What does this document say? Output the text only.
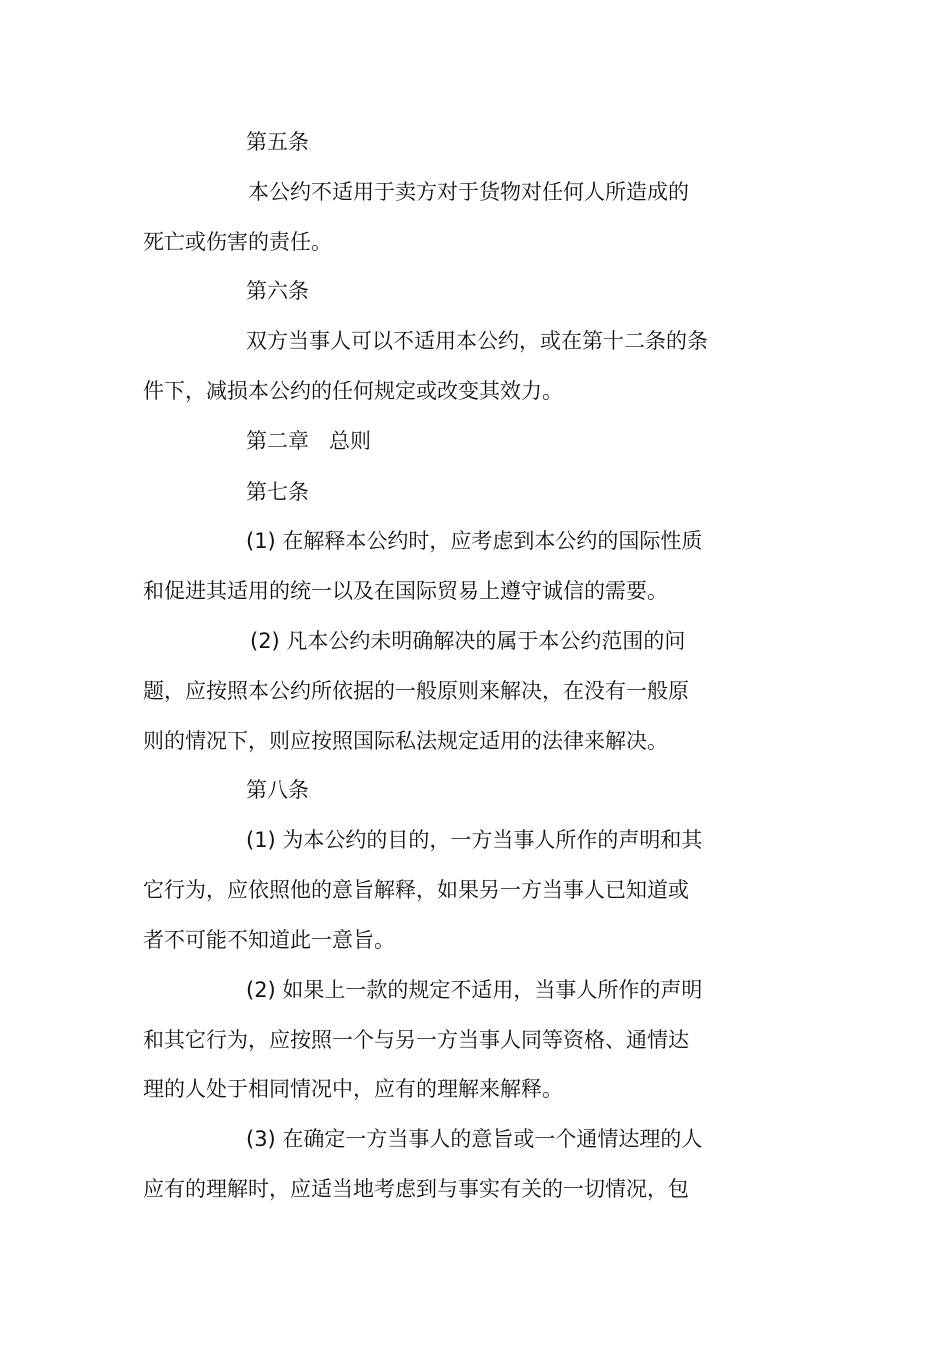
第五条
本公约不适用于卖方对于货物对任何人所造成的
死亡或伤害的责任。
第六条
双方当事人可以不适用本公约，或在第十二条的条
件下，减损本公约的任何规定或改变其效力。
第二章 总则
第七条
(1) 在解释本公约时，应考虑到本公约的国际性质
和促进其适用的统一以及在国际贸易上遵守诚信的需要。
(2) 凡本公约未明确解决的属于本公约范围的问
题，应按照本公约所依据的一般原则来解决，在没有一般原
则的情况下，则应按照国际私法规定适用的法律来解决。
第八条
(1) 为本公约的目的，一方当事人所作的声明和其
它行为，应依照他的意旨解释，如果另一方当事人已知道或
者不可能不知道此一意旨。
(2) 如果上一款的规定不适用，当事人所作的声明
和其它行为，应按照一个与另一方当事人同等资格、通情达
理的人处于相同情况中，应有的理解来解释。
(3) 在确定一方当事人的意旨或一个通情达理的人
应有的理解时，应适当地考虑到与事实有关的一切情况，包
